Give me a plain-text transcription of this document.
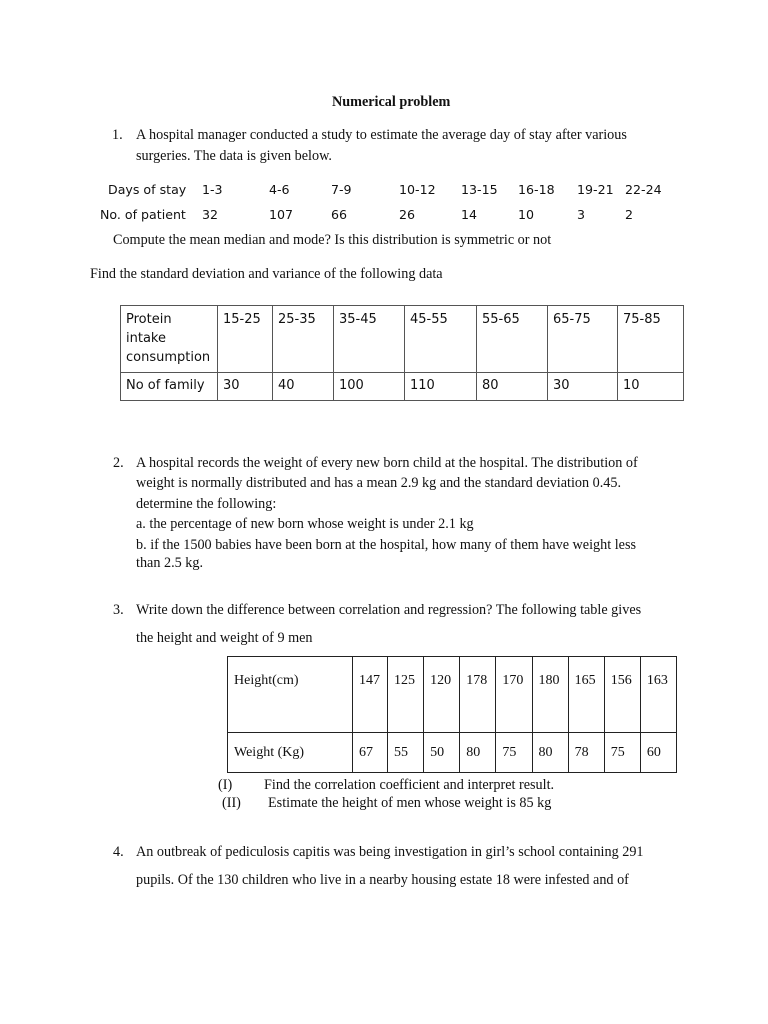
Numerical problem
1. A hospital manager conducted a study to estimate the average day of stay after various
surgeries. The data is given below.
Days of stay 1-3	4-6	7-9	10-12 13-15 16-18 19-21 22-24
No. of patient 32	107	66	26	14	10	3	2
Compute the mean median and mode? Is this distribution is symmetric or not
Find the standard deviation and variance of the following data
Protein intake consumption	15-25	25-35	35-45	45-55	55-65	65-75	75-85
No of family	30	40	100	110	80	30	10
2. A hospital records the weight of every new born child at the hospital. The distribution of
weight is normally distributed and has a mean 2.9 kg and the standard deviation 0.45.
determine the following:
a. the percentage of new born whose weight is under 2.1 kg
b. if the 1500 babies have been born at the hospital, how many of them have weight less
than 2.5 kg.
3. Write down the difference between correlation and regression? The following table gives
the height and weight of 9 men
Height(cm)	147	125	120	178	170	180	165	156	163
Weight (Kg)	67	55	50	80	75	80	78	75	60
(I) Find the correlation coefficient and interpret result.
(II) Estimate the height of men whose weight is 85 kg
4. An outbreak of pediculosis capitis was being investigation in girl’s school containing 291
pupils. Of the 130 children who live in a nearby housing estate 18 were infested and of
